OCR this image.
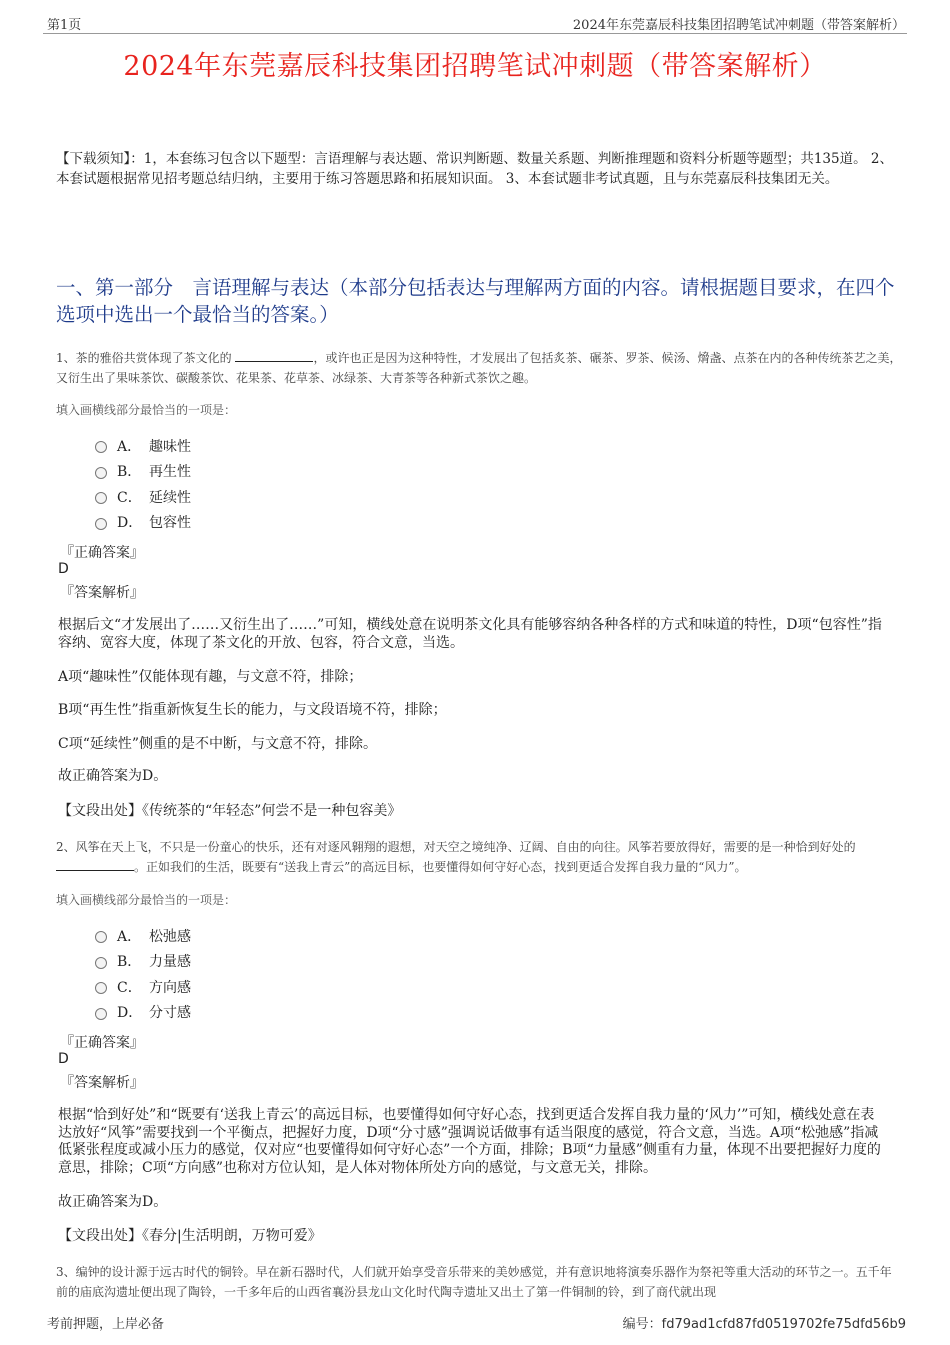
第1页	2024年东莞嘉辰科技集团招聘笔试冲刺题（带答案解析）
2024年东莞嘉辰科技集团招聘笔试冲刺题（带答案解析）
【下载须知】：1，本套练习包含以下题型：言语理解与表达题、常识判断题、数量关系题、判断推理题和资料分析题等题型；共135道。 2、本套试题根据常见招考题总结归纳，主要用于练习答题思路和拓展知识面。 3、本套试题非考试真题，且与东莞嘉辰科技集团无关。
一、第一部分　言语理解与表达（本部分包括表达与理解两方面的内容。请根据题目要求，在四个选项中选出一个最恰当的答案。）
1、茶的雅俗共赏体现了茶文化的	，或许也正是因为这种特性，才发展出了包括炙茶、碾茶、罗茶、候汤、熁盏、点茶在内的各种传统茶艺之美，又衍生出了果味茶饮、碳酸茶饮、花果茶、花草茶、冰绿茶、大青茶等各种新式茶饮之趣。
填入画横线部分最恰当的一项是：
A． 趣味性
B． 再生性
C． 延续性
D． 包容性
『正确答案』
D
『答案解析』
根据后文“才发展出了……又衍生出了……”可知，横线处意在说明茶文化具有能够容纳各种各样的方式和味道的特性，D项“包容性”指容纳、宽容大度，体现了茶文化的开放、包容，符合文意，当选。
A项“趣味性”仅能体现有趣，与文意不符，排除；
B项“再生性”指重新恢复生长的能力，与文段语境不符，排除；
C项“延续性”侧重的是不中断，与文意不符，排除。
故正确答案为D。
【文段出处】《传统茶的“年轻态”何尝不是一种包容美》
2、风筝在天上飞，不只是一份童心的快乐，还有对逐风翱翔的遐想，对天空之境纯净、辽阔、自由的向往。风筝若要放得好，需要的是一种恰到好处的 。正如我们的生活，既要有“送我上青云”的高远目标，也要懂得如何守好心态，找到更适合发挥自我力量的“风力”。
填入画横线部分最恰当的一项是：
A． 松弛感
B． 力量感
C． 方向感
D． 分寸感
『正确答案』
D
『答案解析』
根据“恰到好处”和“既要有‘送我上青云’的高远目标，也要懂得如何守好心态，找到更适合发挥自我力量的‘风力’”可知，横线处意在表达放好“风筝”需要找到一个平衡点，把握好力度，D项“分寸感”强调说话做事有适当限度的感觉，符合文意，当选。A项“松弛感”指减低紧张程度或减小压力的感觉，仅对应“也要懂得如何守好心态”一个方面，排除；B项“力量感”侧重有力量，体现不出要把握好力度的意思，排除；C项“方向感”也称对方位认知，是人体对物体所处方向的感觉，与文意无关，排除。
故正确答案为D。
【文段出处】《春分|生活明朗，万物可爱》
3、编钟的设计源于远古时代的铜铃。早在新石器时代，人们就开始享受音乐带来的美妙感觉，并有意识地将演奏乐器作为祭祀等重大活动的环节之一。五千年前的庙底沟遗址便出现了陶铃，一千多年后的山西省襄汾县龙山文化时代陶寺遗址又出土了第一件铜制的铃，到了商代就出现
考前押题，上岸必备	编号：fd79ad1cfd87fd0519702fe75dfd56b9
